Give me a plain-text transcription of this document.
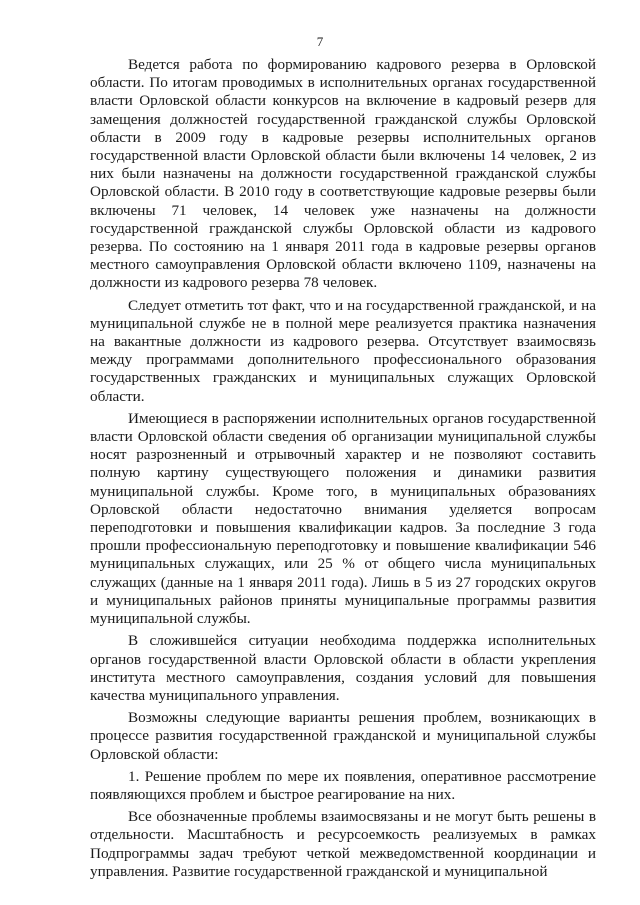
7

Ведется работа по формированию кадрового резерва в Орловской области. По итогам проводимых в исполнительных органах государственной власти Орловской области конкурсов на включение в кадровый резерв для замещения должностей государственной гражданской службы Орловской области в 2009 году в кадровые резервы исполнительных органов государственной власти Орловской области были включены 14 человек, 2 из них были назначены на должности государственной гражданской службы Орловской области. В 2010 году в соответствующие кадровые резервы были включены 71 человек, 14 человек уже назначены на должности государственной гражданской службы Орловской области из кадрового резерва. По состоянию на 1 января 2011 года в кадровые резервы органов местного самоуправления Орловской области включено 1109, назначены на должности из кадрового резерва 78 человек.

Следует отметить тот факт, что и на государственной гражданской, и на муниципальной службе не в полной мере реализуется практика назначения на вакантные должности из кадрового резерва. Отсутствует взаимосвязь между программами дополнительного профессионального образования государственных гражданских и муниципальных служащих Орловской области.

Имеющиеся в распоряжении исполнительных органов государственной власти Орловской области сведения об организации муниципальной службы носят разрозненный и отрывочный характер и не позволяют составить полную картину существующего положения и динамики развития муниципальной службы. Кроме того, в муниципальных образованиях Орловской области недостаточно внимания уделяется вопросам переподготовки и повышения квалификации кадров. За последние 3 года прошли профессиональную переподготовку и повышение квалификации 546 муниципальных служащих, или 25 % от общего числа муниципальных служащих (данные на 1 января 2011 года). Лишь в 5 из 27 городских округов и муниципальных районов приняты муниципальные программы развития муниципальной службы.

В сложившейся ситуации необходима поддержка исполнительных органов государственной власти Орловской области в области укрепления института местного самоуправления, создания условий для повышения качества муниципального управления.

Возможны следующие варианты решения проблем, возникающих в процессе развития государственной гражданской и муниципальной службы Орловской области:

1. Решение проблем по мере их появления, оперативное рассмотрение появляющихся проблем и быстрое реагирование на них.

Все обозначенные проблемы взаимосвязаны и не могут быть решены в отдельности. Масштабность и ресурсоемкость реализуемых в рамках Подпрограммы задач требуют четкой межведомственной координации и управления. Развитие государственной гражданской и муниципальной
